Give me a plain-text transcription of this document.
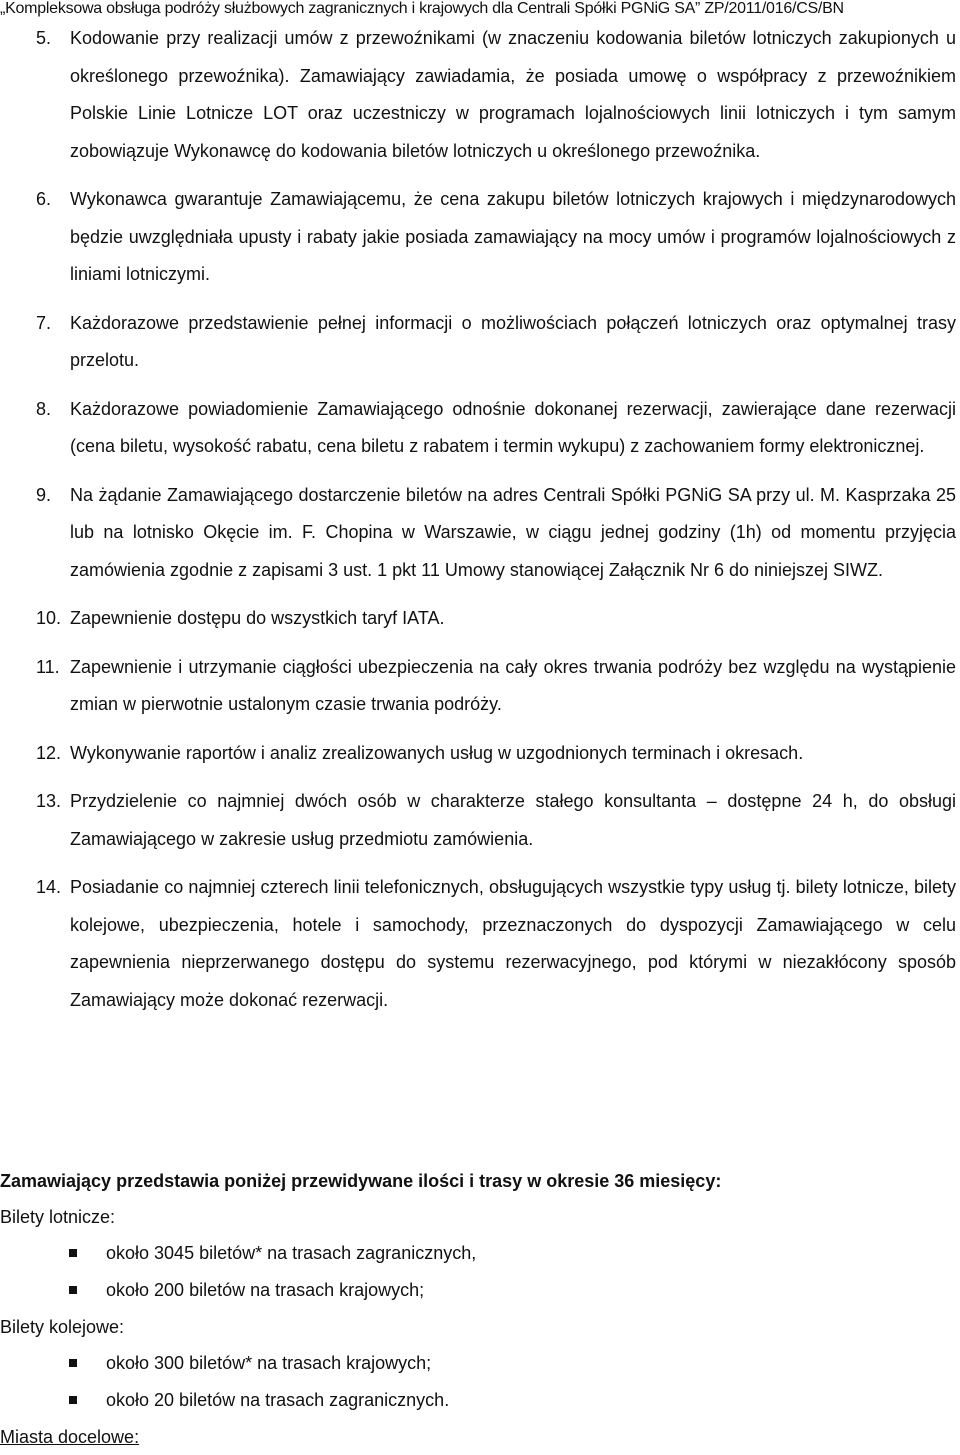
„Kompleksowa obsługa podróży służbowych zagranicznych i krajowych dla Centrali Spółki PGNiG SA” ZP/2011/016/CS/BN
5. Kodowanie przy realizacji umów z przewoźnikami (w znaczeniu kodowania biletów lotniczych zakupionych u określonego przewoźnika). Zamawiający zawiadamia, że posiada umowę o współpracy z przewoźnikiem Polskie Linie Lotnicze LOT oraz uczestniczy w programach lojalnościowych linii lotniczych i tym samym zobowiązuje Wykonawcę do kodowania biletów lotniczych u określonego przewoźnika.
6. Wykonawca gwarantuje Zamawiającemu, że cena zakupu biletów lotniczych krajowych i międzynarodowych będzie uwzględniała upusty i rabaty jakie posiada zamawiający na mocy umów i programów lojalnościowych z liniami lotniczymi.
7. Każdorazowe przedstawienie pełnej informacji o możliwościach połączeń lotniczych oraz optymalnej trasy przelotu.
8. Każdorazowe powiadomienie Zamawiającego odnośnie dokonanej rezerwacji, zawierające dane rezerwacji (cena biletu, wysokość rabatu, cena biletu z rabatem i termin wykupu) z zachowaniem formy elektronicznej.
9. Na żądanie Zamawiającego dostarczenie biletów na adres Centrali Spółki PGNiG SA przy ul. M. Kasprzaka 25 lub na lotnisko Okęcie im. F. Chopina w Warszawie, w ciągu jednej godziny (1h) od momentu przyjęcia zamówienia zgodnie z zapisami 3 ust. 1 pkt 11 Umowy stanowiącej Załącznik Nr 6 do niniejszej SIWZ.
10. Zapewnienie dostępu do wszystkich taryf IATA.
11. Zapewnienie i utrzymanie ciągłości ubezpieczenia na cały okres trwania podróży bez względu na wystąpienie zmian w pierwotnie ustalonym czasie trwania podróży.
12. Wykonywanie raportów i analiz zrealizowanych usług w uzgodnionych terminach i okresach.
13. Przydzielenie co najmniej dwóch osób w charakterze stałego konsultanta – dostępne 24 h, do obsługi Zamawiającego w zakresie usług przedmiotu zamówienia.
14. Posiadanie co najmniej czterech linii telefonicznych, obsługujących wszystkie typy usług tj. bilety lotnicze, bilety kolejowe, ubezpieczenia, hotele i samochody, przeznaczonych do dyspozycji Zamawiającego w celu zapewnienia nieprzerwanego dostępu do systemu rezerwacyjnego, pod którymi w niezakłócony sposób Zamawiający może dokonać rezerwacji.
Zamawiający przedstawia poniżej przewidywane ilości i trasy w okresie 36 miesięcy:
Bilety lotnicze:
około 3045 biletów* na trasach zagranicznych,
około 200 biletów na trasach krajowych;
Bilety kolejowe:
około 300 biletów* na trasach krajowych;
około 20 biletów na trasach zagranicznych.
Miasta docelowe:
